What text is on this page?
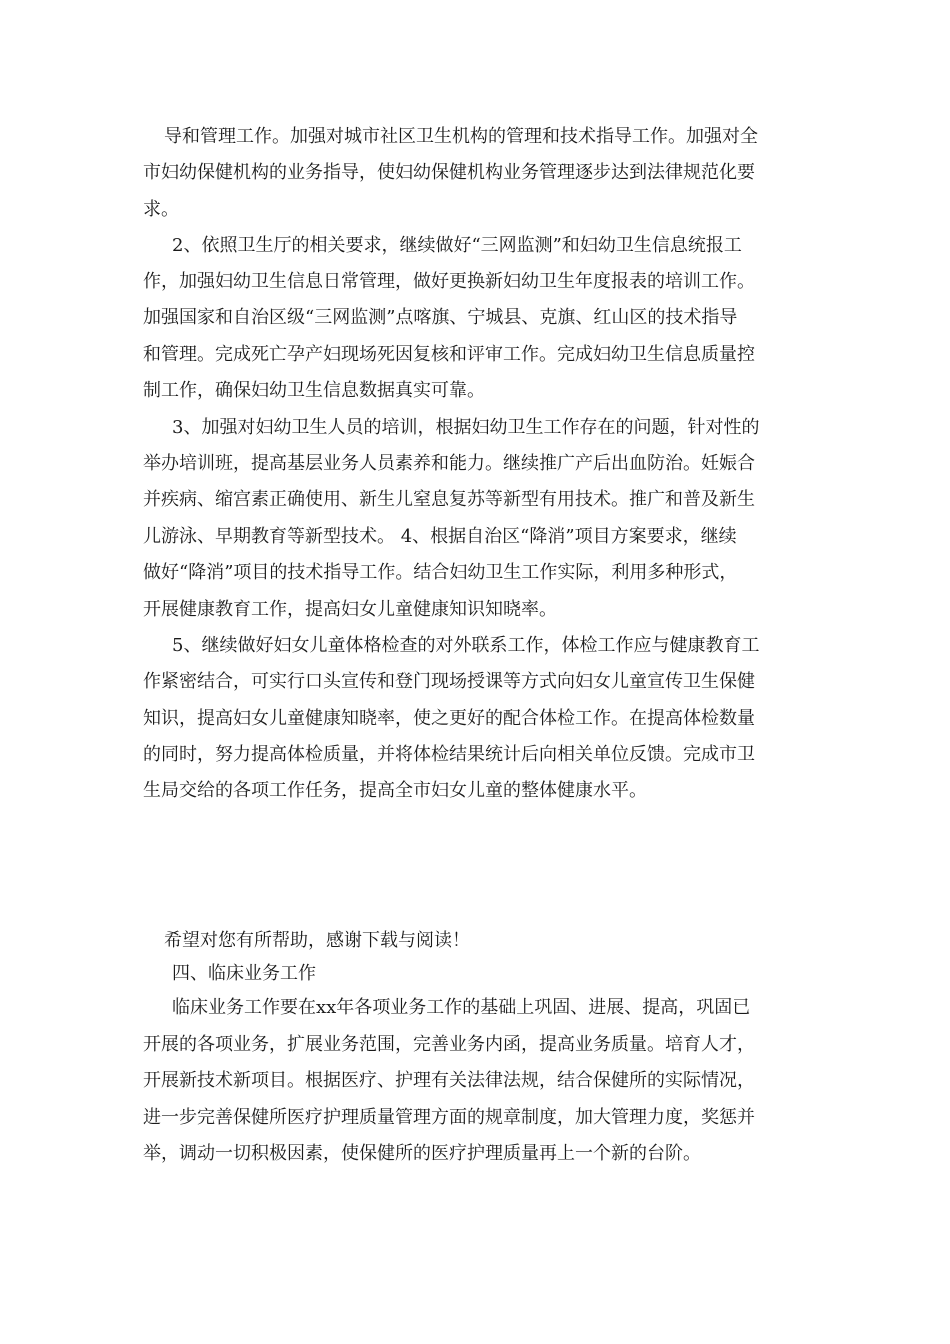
导和管理工作。加强对城市社区卫生机构的管理和技术指导工作。加强对全
市妇幼保健机构的业务指导，使妇幼保健机构业务管理逐步达到法律规范化要
求。
2、依照卫生厅的相关要求，继续做好“三网监测”和妇幼卫生信息统报工
作，加强妇幼卫生信息日常管理，做好更换新妇幼卫生年度报表的培训工作。
加强国家和自治区级“三网监测”点喀旗、宁城县、克旗、红山区的技术指导
和管理。完成死亡孕产妇现场死因复核和评审工作。完成妇幼卫生信息质量控
制工作，确保妇幼卫生信息数据真实可靠。
3、加强对妇幼卫生人员的培训，根据妇幼卫生工作存在的问题，针对性的
举办培训班，提高基层业务人员素养和能力。继续推广产后出血防治。妊娠合
并疾病、缩宫素正确使用、新生儿窒息复苏等新型有用技术。推广和普及新生
儿游泳、早期教育等新型技术。 4、根据自治区“降消”项目方案要求，继续
做好“降消”项目的技术指导工作。结合妇幼卫生工作实际，利用多种形式，
开展健康教育工作，提高妇女儿童健康知识知晓率。
5、继续做好妇女儿童体格检查的对外联系工作，体检工作应与健康教育工
作紧密结合，可实行口头宣传和登门现场授课等方式向妇女儿童宣传卫生保健
知识，提高妇女儿童健康知晓率，使之更好的配合体检工作。在提高体检数量
的同时，努力提高体检质量，并将体检结果统计后向相关单位反馈。完成市卫
生局交给的各项工作任务，提高全市妇女儿童的整体健康水平。
希望对您有所帮助，感谢下载与阅读！
四、临床业务工作
临床业务工作要在xx年各项业务工作的基础上巩固、进展、提高，巩固已
开展的各项业务，扩展业务范围，完善业务内函，提高业务质量。培育人才，
开展新技术新项目。根据医疗、护理有关法律法规，结合保健所的实际情况，
进一步完善保健所医疗护理质量管理方面的规章制度，加大管理力度，奖惩并
举，调动一切积极因素，使保健所的医疗护理质量再上一个新的台阶。
